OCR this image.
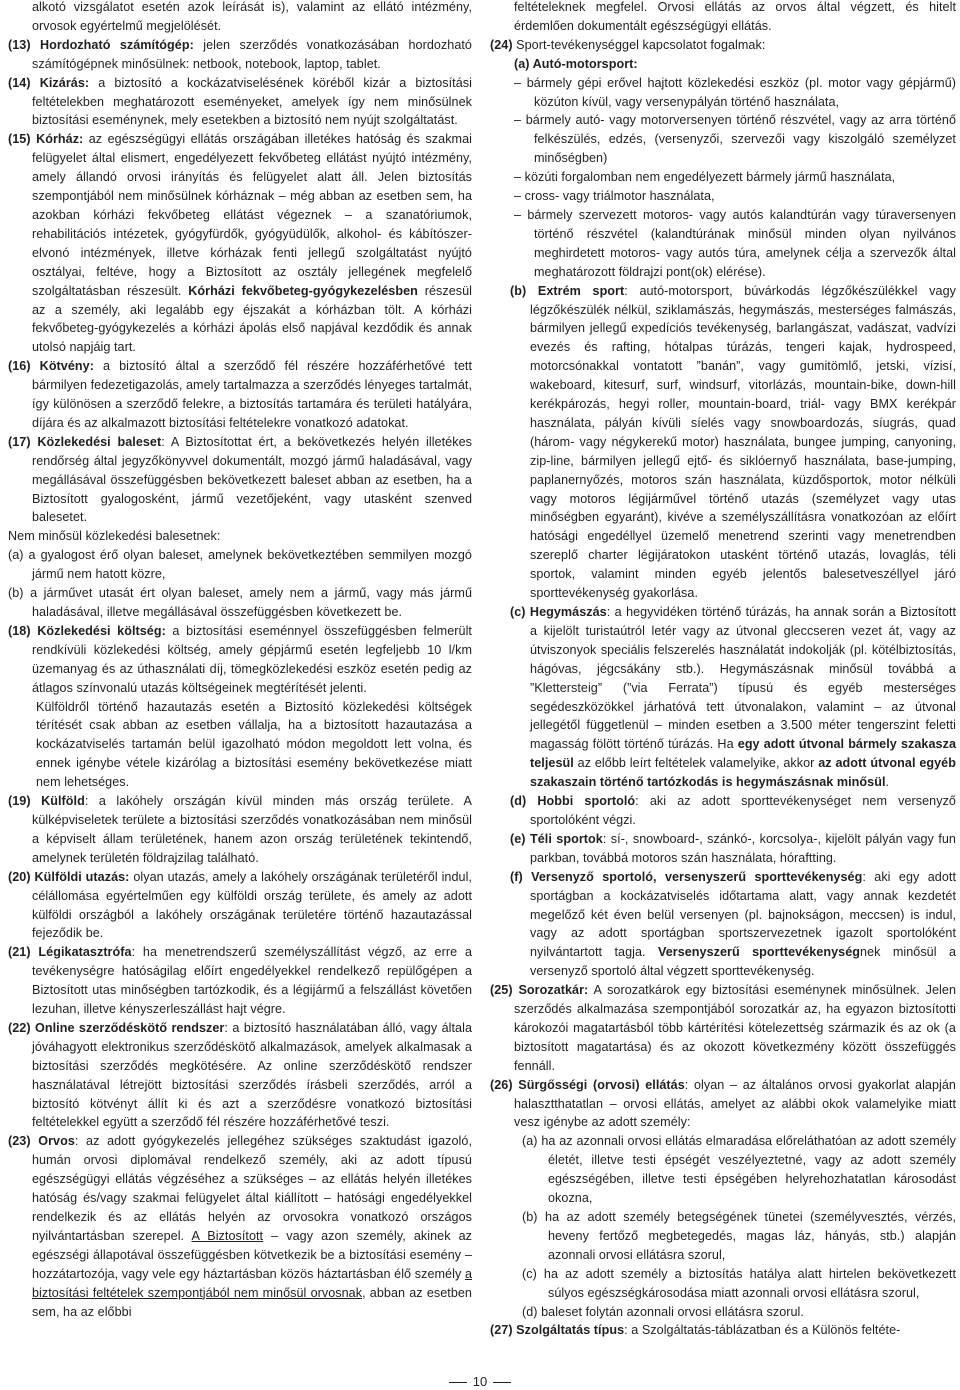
alkotó vizsgálatot esetén azok leírását is), valamint az ellátó intézmény, orvosok egyértelmű megjelölését.

(13) Hordozható számítógép: jelen szerződés vonatkozásában hordozható számítógépnek minősülnek: netbook, notebook, laptop, tablet.

(14) Kizárás: a biztosító a kockázatviselésének köréből kizár a biztosítási feltételekben meghatározott eseményeket, amelyek így nem minősülnek biztosítási eseménynek, mely esetekben a biztosító nem nyújt szolgáltatást.

(15) Kórház: az egészségügyi ellátás országában illetékes hatóság és szakmai felügyelet által elismert, engedélyezett fekvőbeteg ellátást nyújtó intézmény, amely állandó orvosi irányítás és felügyelet alatt áll. Jelen biztosítás szempontjából nem minősülnek kórháznak – még abban az esetben sem, ha azokban kórházi fekvőbeteg ellátást végeznek – a szanatóriumok, rehabilitációs intézetek, gyógyfürdők, gyógyüdülők, alkohol- és kábítószer-elvonó intézmények, illetve kórházak fenti jellegű szolgáltatást nyújtó osztályai, feltéve, hogy a Biztosított az osztály jellegének megfelelő szolgáltatásban részesült. Kórházi fekvőbeteg-gyógykezelésben részesül az a személy, aki legalább egy éjszakát a kórházban tölt. A kórházi fekvőbeteg-gyógykezelés a kórházi ápolás első napjával kezdődik és annak utolsó napjáig tart.

(16) Kötvény: a biztosító által a szerződő fél részére hozzáférhetővé tett bármilyen fedezetigazolás, amely tartalmazza a szerződés lényeges tartalmát, így különösen a szerződő felekre, a biztosítás tartamára és területi hatályára, díjára és az alkalmazott biztosítási feltételekre vonatkozó adatokat.

(17) Közlekedési baleset: A Biztosítottat ért, a bekövetkezés helyén illetékes rendőrség által jegyzőkönyvvel dokumentált, mozgó jármű haladásával, vagy megállásával összefüggésben bekövetkezett baleset abban az esetben, ha a Biztosított gyalogosként, jármű vezetőjeként, vagy utasként szenved balesetet.

Nem minősül közlekedési balesetnek:

(a) a gyalogost érő olyan baleset, amelynek bekövetkeztében semmilyen mozgó jármű nem hatott közre,

(b) a járművet utasát ért olyan baleset, amely nem a jármű, vagy más jármű haladásával, illetve megállásával összefüggésben következett be.

(18) Közlekedési költség: a biztosítási eseménnyel összefüggésben felmerült rendkívüli közlekedési költség, amely gépjármű esetén legfeljebb 10 l/km üzemanyag és az úthasználati díj, tömegközlekedési eszköz esetén pedig az átlagos színvonalú utazás költségeinek megtérítését jelenti.

Külföldről történő hazautazás esetén a Biztosító közlekedési költségek térítését csak abban az esetben vállalja, ha a biztosított hazautazása a kockázatviselés tartamán belül igazolható módon megoldott lett volna, és ennek igénybe vétele kizárólag a biztosítási esemény bekövetkezése miatt nem lehetséges.

(19) Külföld: a lakóhely országán kívül minden más ország területe. A külképviseletek területe a biztosítási szerződés vonatkozásában nem minősül a képviselt állam területének, hanem azon ország területének tekintendő, amelynek területén földrajzilag található.

(20) Külföldi utazás: olyan utazás, amely a lakóhely országának területéről indul, célállomása egyértelműen egy külföldi ország területe, és amely az adott külföldi országból a lakóhely országának területére történő hazautazással fejeződik be.

(21) Légikatasztrófa: ha menetrendszerű személyszállítást végző, az erre a tevékenységre hatóságilag előírt engedélyekkel rendelkező repülőgépen a Biztosított utas minőségben tartózkodik, és a légijármű a felszállást követően lezuhan, illetve kényszerleszállást hajt végre.

(22) Online szerződéskötő rendszer: a biztosító használatában álló, vagy általa jóváhagyott elektronikus szerződéskötő alkalmazások, amelyek alkalmasak a biztosítási szerződés megkötésére. Az online szerződéskötő rendszer használatával létrejött biztosítási szerződés írásbeli szerződés, arról a biztosító kötvényt állít ki és azt a szerződésre vonatkozó biztosítási feltételekkel együtt a szerződő fél részére hozzáférhetővé teszi.

(23) Orvos: az adott gyógykezelés jellegéhez szükséges szaktudást igazoló, humán orvosi diplomával rendelkező személy, aki az adott típusú egészségügyi ellátás végzéséhez a szükséges – az ellátás helyén illetékes hatóság és/vagy szakmai felügyelet által kiállított – hatósági engedélyekkel rendelkezik és az ellátás helyén az orvosokra vonatkozó országos nyilvántartásban szerepel. A Biztosított – vagy azon személy, akinek az egészségi állapotával összefüggésben kötvetkezik be a biztosítási esemény – hozzátartozója, vagy vele egy háztartásban közös háztartásban élő személy a biztosítási feltételek szempontjából nem minősül orvosnak, abban az esetben sem, ha az előbbi

feltételeknek megfelel. Orvosi ellátás az orvos által végzett, és hitelt érdemlően dokumentált egészségügyi ellátás.

(24) Sport-tevékenységgel kapcsolatot fogalmak:

(a) Autó-motorsport:

– bármely gépi erővel hajtott közlekedési eszköz (pl. motor vagy gépjármű) közúton kívül, vagy versenypályán történő használata,

– bármely autó- vagy motorversenyen történő részvétel, vagy az arra történő felkészülés, edzés, (versenyzői, szervezői vagy kiszolgáló személyzet minőségben)

– közúti forgalomban nem engedélyezett bármely jármű használata,

– cross- vagy triálmotor használata,

– bármely szervezett motoros- vagy autós kalandtúrán vagy túraversenyen történő részvétel (kalandtúrának minősül minden olyan nyilvános meghirdetett motoros- vagy autós túra, amelynek célja a szervezők által meghatározott földrajzi pont(ok) elérése).

(b) Extrém sport: autó-motorsport, búvárkodás légzőkészülékkel vagy légzőkészülék nélkül, sziklamászás, hegymászás, mesterséges falmászás, bármilyen jellegű expedíciós tevékenység, barlangászat, vadászat, vadvízi evezés és rafting, hótalpas túrázás, tengeri kajak, hydrospeed, motorcsónakkal vontatott ”banán”, vagy gumitömlő, jetski, vízisí, wakeboard, kitesurf, surf, windsurf, vitorlázás, mountain-bike, down-hill kerékpározás, hegyi roller, mountain-board, triál- vagy BMX kerékpár használata, pályán kívüli síelés vagy snowboardozás, síugrás, quad (három- vagy négykerekű motor) használata, bungee jumping, canyoning, zip-line, bármilyen jellegű ejtő- és siklóernyő használata, base-jumping, paplanernyőzés, motoros szán használata, küzdősportok, motor nélküli vagy motoros légijárművel történő utazás (személyzet vagy utas minőségben egyaránt), kivéve a személyszállításra vonatkozóan az előírt hatósági engedéllyel üzemelő menetrend szerinti vagy menetrendben szereplő charter légijáratokon utasként történő utazás, lovaglás, téli sportok, valamint minden egyéb jelentős balesetveszéllyel járó sporttevékenység gyakorlása.

(c) Hegymászás: a hegyvidéken történő túrázás, ha annak során a Biztosított a kijelölt turistaútról letér vagy az útvonal gleccseren vezet át, vagy az útviszonyok speciális felszerelés használatát indokolják (pl. kötélbiztosítás, hágóvas, jégcsákány stb.). Hegymászásnak minősül továbbá a ”Klettersteig” (”via Ferrata”) típusú és egyéb mesterséges segédeszközökkel járhatóvá tett útvonalakon, valamint – az útvonal jellegétől függetlenül – minden esetben a 3.500 méter tengerszint feletti magasság fölött történő túrázás. Ha egy adott útvonal bármely szakasza teljesül az előbb leírt feltételek valamelyike, akkor az adott útvonal egyéb szakaszain történő tartózkodás is hegymászásnak minősül.

(d) Hobbi sportoló: aki az adott sporttevékenységet nem versenyző sportolóként végzi.

(e) Téli sportok: sí-, snowboard-, szánkó-, korcsolya-, kijelölt pályán vagy fun parkban, továbbá motoros szán használata, hóraftting.

(f) Versenyző sportoló, versenyszerű sporttevékenység: aki egy adott sportágban a kockázatviselés időtartama alatt, vagy annak kezdetét megelőző két éven belül versenyen (pl. bajnokságon, meccsen) is indul, vagy az adott sportágban sportszervezetnek igazolt sportolóként nyilvántartott tagja. Versenyszerű sporttevékenységnek minősül a versenyző sportoló által végzett sporttevékenység.

(25) Sorozatkár: A sorozatkárok egy biztosítási eseménynek minősülnek. Jelen szerződés alkalmazása szempontjából sorozatkár az, ha egyazon biztosítotti károkozói magatartásból több kártérítési kötelezettség származik és az ok (a biztosított magatartása) és az okozott következmény között összefüggés fennáll.

(26) Sürgősségi (orvosi) ellátás: olyan – az általános orvosi gyakorlat alapján halasztthatatlan – orvosi ellátás, amelyet az alábbi okok valamelyike miatt vesz igénybe az adott személy:

(a) ha az azonnali orvosi ellátás elmaradása előreláthatóan az adott személy életét, illetve testi épségét veszélyeztetné, vagy az adott személy egészségében, illetve testi épségében helyrehozhatatlan károsodást okozna,

(b) ha az adott személy betegségének tünetei (személyvesztés, vérzés, heveny fertőző megbetegedés, magas láz, hányás, stb.) alapján azonnali orvosi ellátásra szorul,

(c) ha az adott személy a biztosítás hatálya alatt hirtelen bekövetkezett súlyos egészségkárosodása miatt azonnali orvosi ellátásra szorul,

(d) baleset folytán azonnali orvosi ellátásra szorul.

(27) Szolgáltatás típus: a Szolgáltatás-táblázatban és a Különös feltéte-

10
